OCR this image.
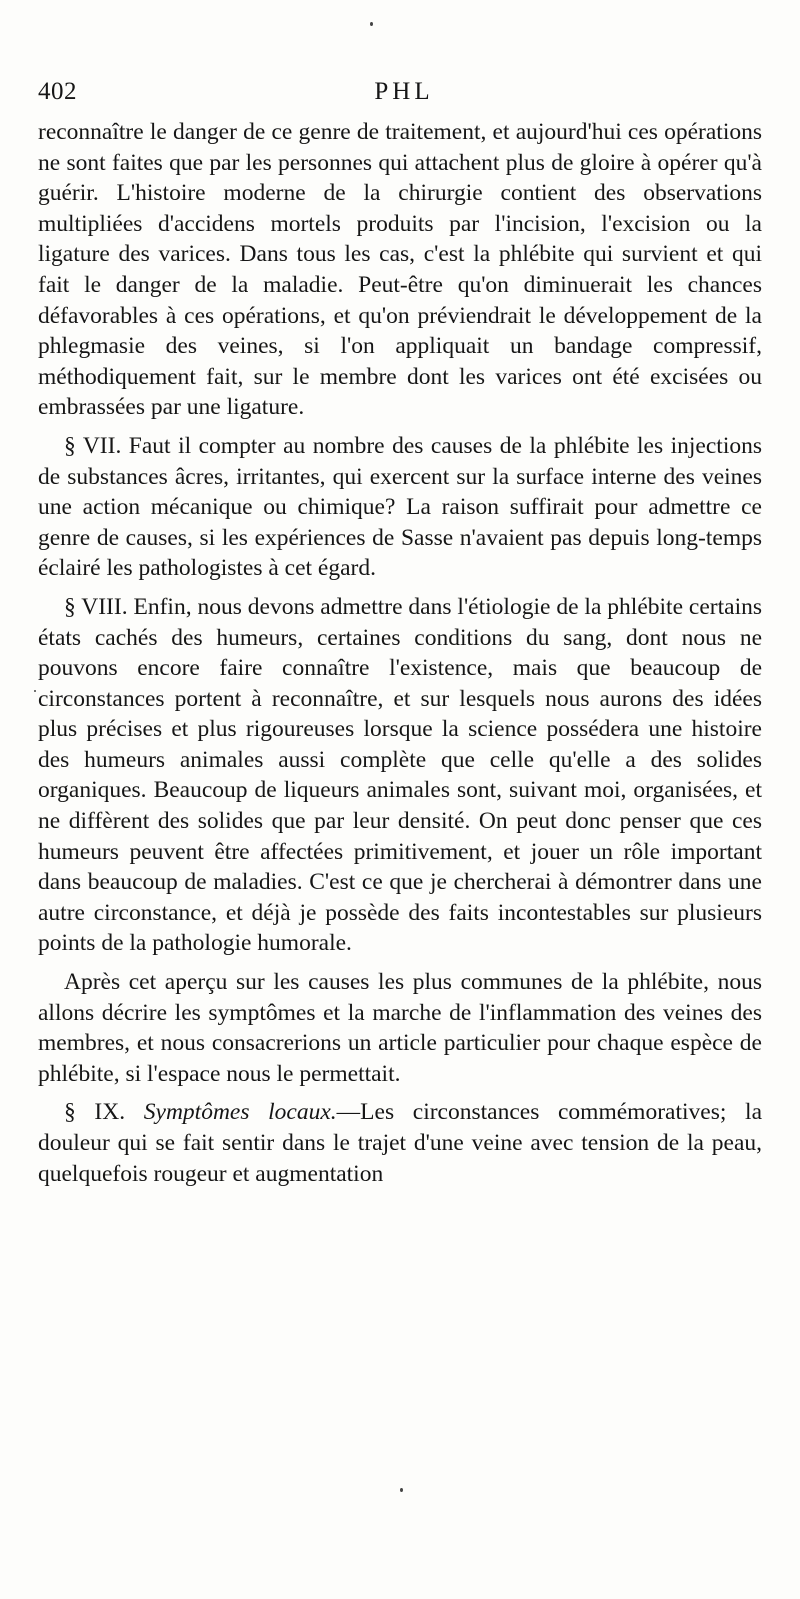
402	PHL

reconnaître le danger de ce genre de traitement, et aujourd'hui ces opérations ne sont faites que par les personnes qui attachent plus de gloire à opérer qu'à guérir. L'histoire moderne de la chirurgie contient des observations multipliées d'accidens mortels produits par l'incision, l'excision ou la ligature des varices. Dans tous les cas, c'est la phlébite qui survient et qui fait le danger de la maladie. Peut-être qu'on diminuerait les chances défavorables à ces opérations, et qu'on préviendrait le développement de la phlegmasie des veines, si l'on appliquait un bandage compressif, méthodiquement fait, sur le membre dont les varices ont été excisées ou embrassées par une ligature.

§ VII. Faut il compter au nombre des causes de la phlébite les injections de substances âcres, irritantes, qui exercent sur la surface interne des veines une action mécanique ou chimique? La raison suffirait pour admettre ce genre de causes, si les expériences de Sasse n'avaient pas depuis long-temps éclairé les pathologistes à cet égard.

§ VIII. Enfin, nous devons admettre dans l'étiologie de la phlébite certains états cachés des humeurs, certaines conditions du sang, dont nous ne pouvons encore faire connaître l'existence, mais que beaucoup de circonstances portent à reconnaître, et sur lesquels nous aurons des idées plus précises et plus rigoureuses lorsque la science possédera une histoire des humeurs animales aussi complète que celle qu'elle a des solides organiques. Beaucoup de liqueurs animales sont, suivant moi, organisées, et ne diffèrent des solides que par leur densité. On peut donc penser que ces humeurs peuvent être affectées primitivement, et jouer un rôle important dans beaucoup de maladies. C'est ce que je chercherai à démontrer dans une autre circonstance, et déjà je possède des faits incontestables sur plusieurs points de la pathologie humorale.

Après cet aperçu sur les causes les plus communes de la phlébite, nous allons décrire les symptômes et la marche de l'inflammation des veines des membres, et nous consacrerions un article particulier pour chaque espèce de phlébite, si l'espace nous le permettait.

§ IX. Symptômes locaux.—Les circonstances commémoratives; la douleur qui se fait sentir dans le trajet d'une veine avec tension de la peau, quelquefois rougeur et augmentation
